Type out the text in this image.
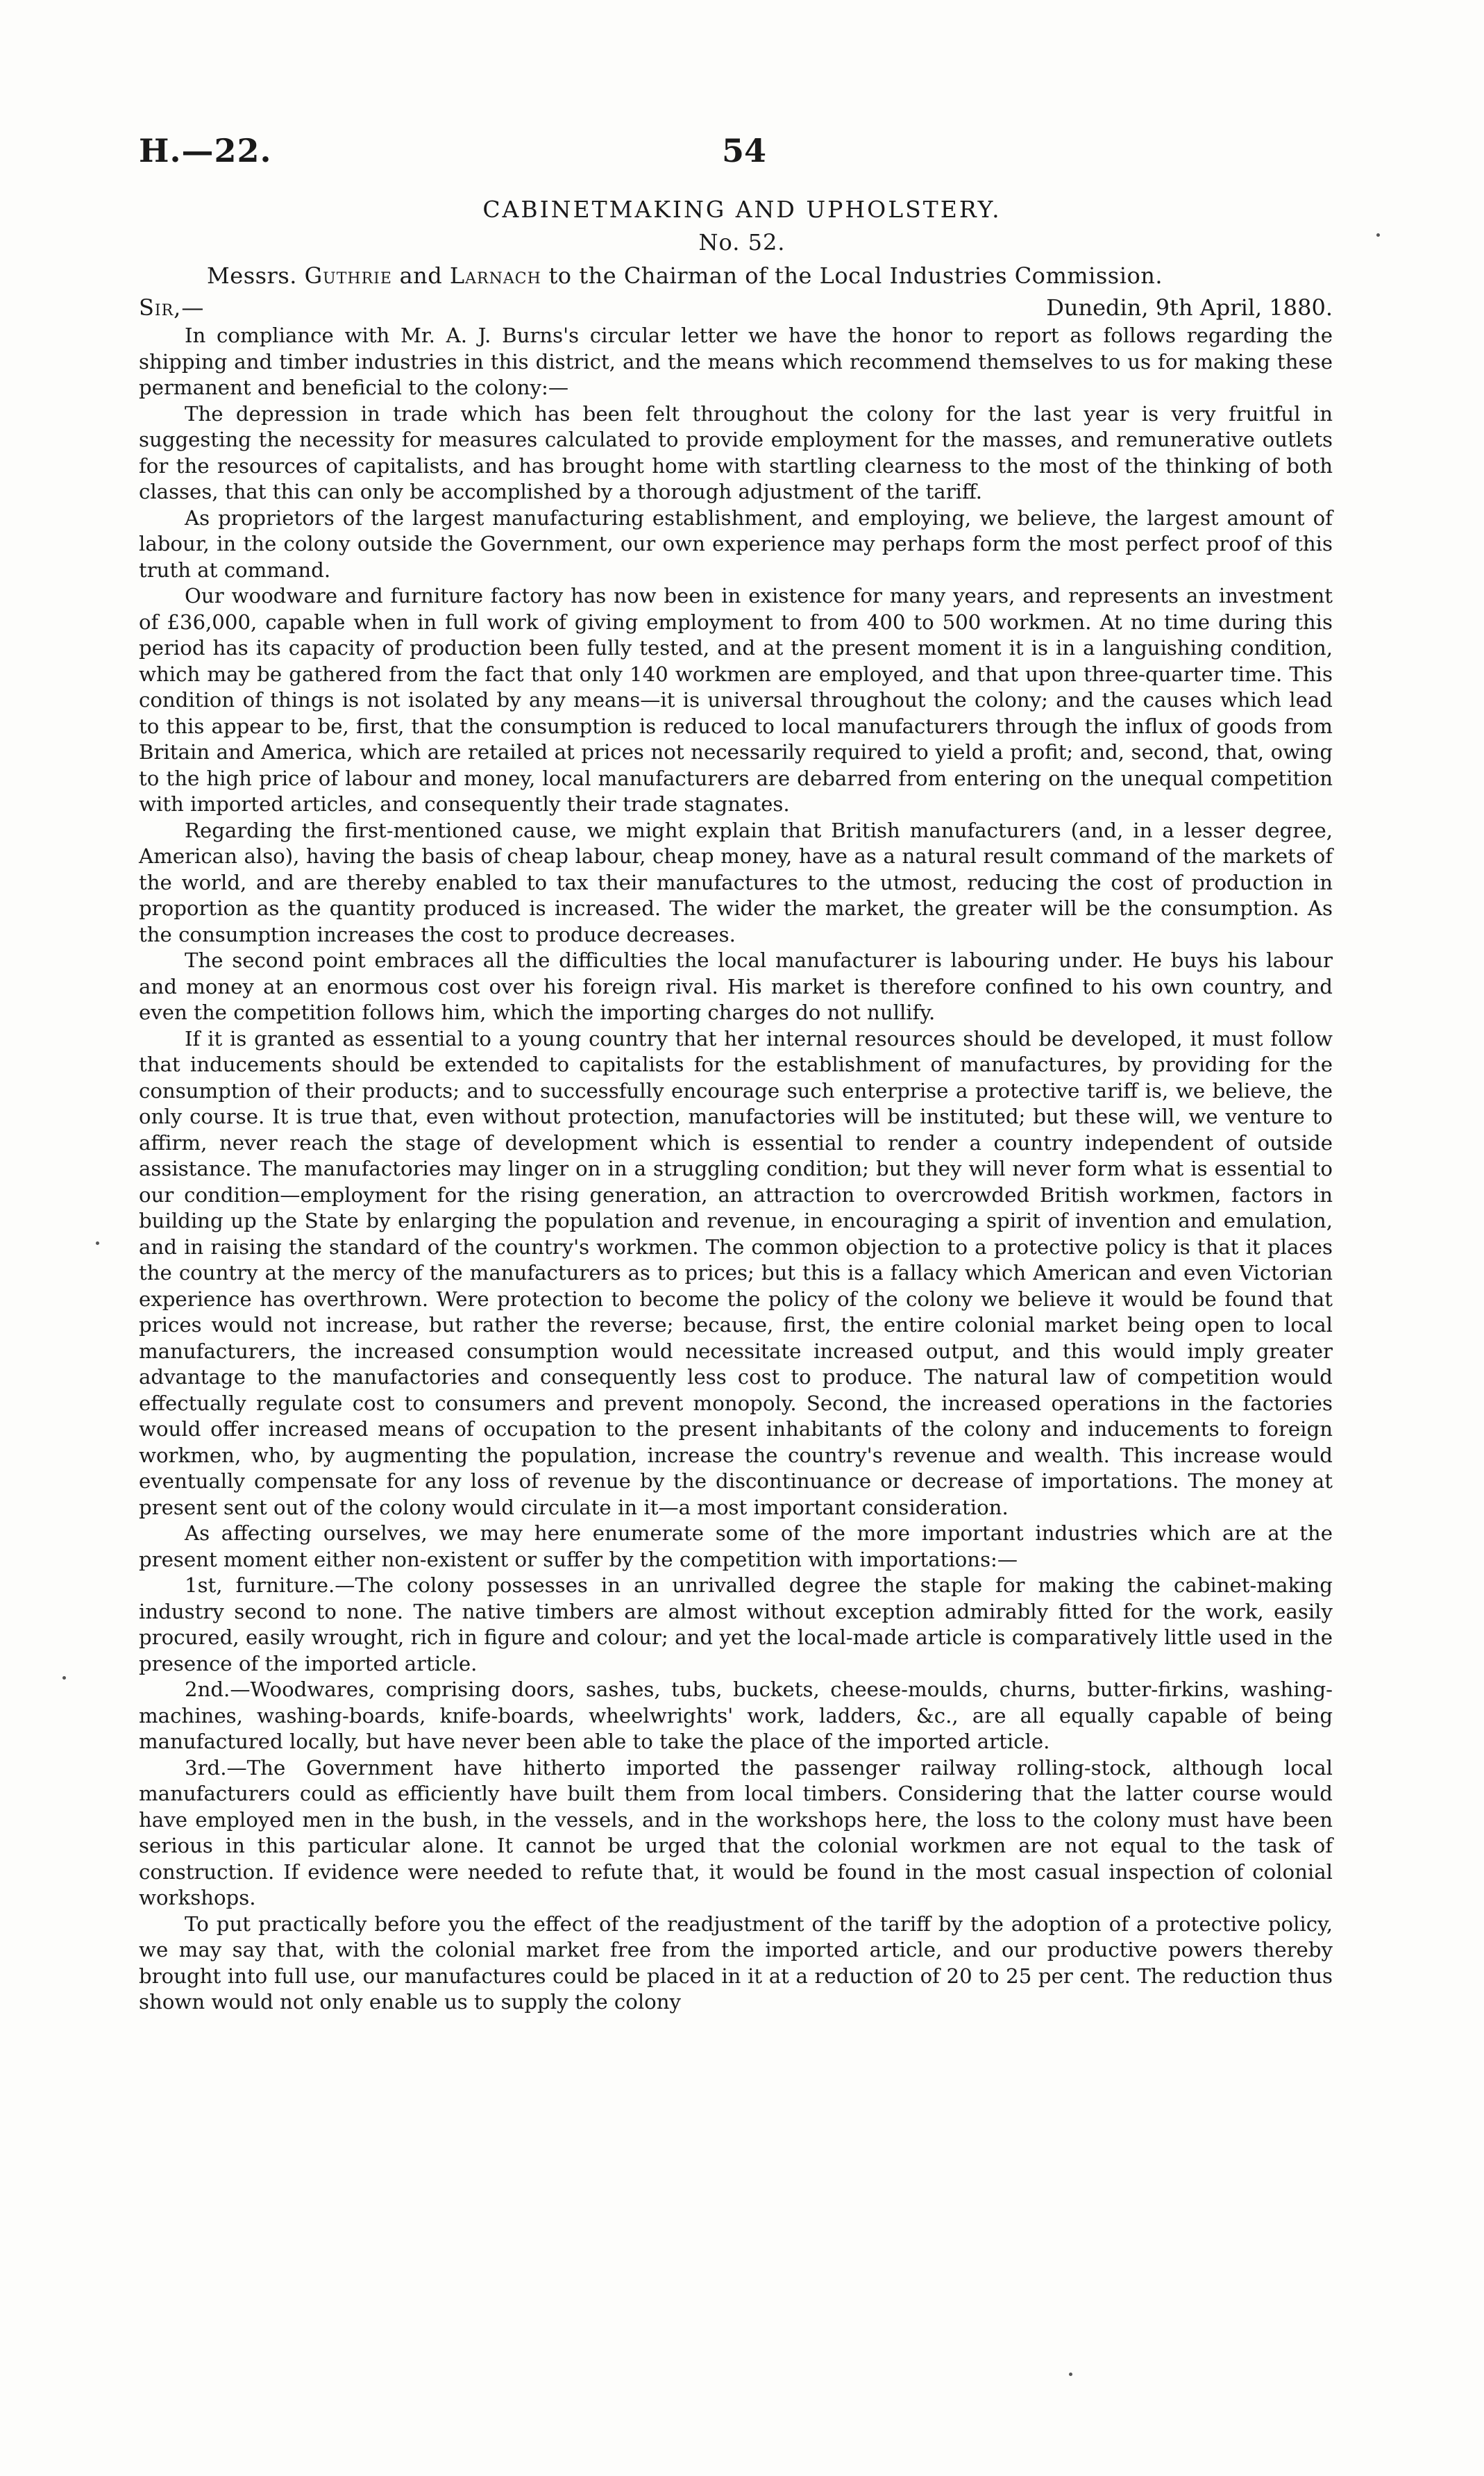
H.—22.	54
CABINETMAKING AND UPHOLSTERY.
No. 52.
Messrs. Guthrie and Larnach to the Chairman of the Local Industries Commission.
Sir,—	Dunedin, 9th April, 1880.

In compliance with Mr. A. J. Burns's circular letter we have the honor to report as follows regarding the shipping and timber industries in this district, and the means which recommend themselves to us for making these permanent and beneficial to the colony:—

The depression in trade which has been felt throughout the colony for the last year is very fruitful in suggesting the necessity for measures calculated to provide employment for the masses, and remunerative outlets for the resources of capitalists, and has brought home with startling clearness to the most of the thinking of both classes, that this can only be accomplished by a thorough adjustment of the tariff.

As proprietors of the largest manufacturing establishment, and employing, we believe, the largest amount of labour, in the colony outside the Government, our own experience may perhaps form the most perfect proof of this truth at command.

Our woodware and furniture factory has now been in existence for many years, and represents an investment of £36,000, capable when in full work of giving employment to from 400 to 500 workmen. At no time during this period has its capacity of production been fully tested, and at the present moment it is in a languishing condition, which may be gathered from the fact that only 140 workmen are employed, and that upon three-quarter time. This condition of things is not isolated by any means—it is universal throughout the colony; and the causes which lead to this appear to be, first, that the consumption is reduced to local manufacturers through the influx of goods from Britain and America, which are retailed at prices not necessarily required to yield a profit; and, second, that, owing to the high price of labour and money, local manufacturers are debarred from entering on the unequal competition with imported articles, and consequently their trade stagnates.

Regarding the first-mentioned cause, we might explain that British manufacturers (and, in a lesser degree, American also), having the basis of cheap labour, cheap money, have as a natural result command of the markets of the world, and are thereby enabled to tax their manufactures to the utmost, reducing the cost of production in proportion as the quantity produced is increased. The wider the market, the greater will be the consumption. As the consumption increases the cost to produce decreases.

The second point embraces all the difficulties the local manufacturer is labouring under. He buys his labour and money at an enormous cost over his foreign rival. His market is therefore confined to his own country, and even the competition follows him, which the importing charges do not nullify.

If it is granted as essential to a young country that her internal resources should be developed, it must follow that inducements should be extended to capitalists for the establishment of manufactures, by providing for the consumption of their products; and to successfully encourage such enterprise a protective tariff is, we believe, the only course. It is true that, even without protection, manufactories will be instituted; but these will, we venture to affirm, never reach the stage of development which is essential to render a country independent of outside assistance. The manufactories may linger on in a struggling condition; but they will never form what is essential to our condition—employment for the rising generation, an attraction to overcrowded British workmen, factors in building up the State by enlarging the population and revenue, in encouraging a spirit of invention and emulation, and in raising the standard of the country's workmen. The common objection to a protective policy is that it places the country at the mercy of the manufacturers as to prices; but this is a fallacy which American and even Victorian experience has overthrown. Were protection to become the policy of the colony we believe it would be found that prices would not increase, but rather the reverse; because, first, the entire colonial market being open to local manufacturers, the increased consumption would necessitate increased output, and this would imply greater advantage to the manufactories and consequently less cost to produce. The natural law of competition would effectually regulate cost to consumers and prevent monopoly. Second, the increased operations in the factories would offer increased means of occupation to the present inhabitants of the colony and inducements to foreign workmen, who, by augmenting the population, increase the country's revenue and wealth. This increase would eventually compensate for any loss of revenue by the discontinuance or decrease of importations. The money at present sent out of the colony would circulate in it—a most important consideration.

As affecting ourselves, we may here enumerate some of the more important industries which are at the present moment either non-existent or suffer by the competition with importations:—

1st, furniture.—The colony possesses in an unrivalled degree the staple for making the cabinet-making industry second to none. The native timbers are almost without exception admirably fitted for the work, easily procured, easily wrought, rich in figure and colour; and yet the local-made article is comparatively little used in the presence of the imported article.

2nd.—Woodwares, comprising doors, sashes, tubs, buckets, cheese-moulds, churns, butter-firkins, washing-machines, washing-boards, knife-boards, wheelwrights' work, ladders, &c., are all equally capable of being manufactured locally, but have never been able to take the place of the imported article.

3rd.—The Government have hitherto imported the passenger railway rolling-stock, although local manufacturers could as efficiently have built them from local timbers. Considering that the latter course would have employed men in the bush, in the vessels, and in the workshops here, the loss to the colony must have been serious in this particular alone. It cannot be urged that the colonial workmen are not equal to the task of construction. If evidence were needed to refute that, it would be found in the most casual inspection of colonial workshops.

To put practically before you the effect of the readjustment of the tariff by the adoption of a protective policy, we may say that, with the colonial market free from the imported article, and our productive powers thereby brought into full use, our manufactures could be placed in it at a reduction of 20 to 25 per cent. The reduction thus shown would not only enable us to supply the colony
